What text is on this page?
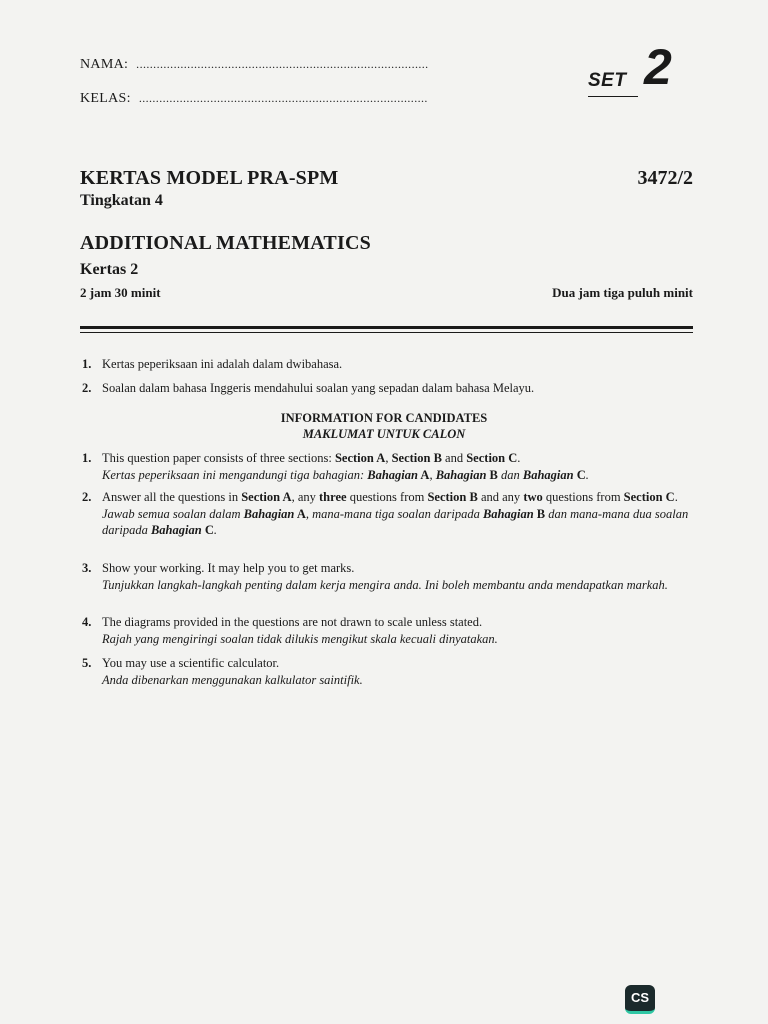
NAMA: ......................................................................................
KELAS: .....................................................................................
SET 2
KERTAS MODEL PRA-SPM	3472/2
Tingkatan 4
ADDITIONAL MATHEMATICS
Kertas 2
2 jam 30 minit	Dua jam tiga puluh minit
1. Kertas peperiksaan ini adalah dalam dwibahasa.
2. Soalan dalam bahasa Inggeris mendahului soalan yang sepadan dalam bahasa Melayu.
INFORMATION FOR CANDIDATES
MAKLUMAT UNTUK CALON
1. This question paper consists of three sections: Section A, Section B and Section C.
Kertas peperiksaan ini mengandungi tiga bahagian: Bahagian A, Bahagian B dan Bahagian C.
2. Answer all the questions in Section A, any three questions from Section B and any two questions from Section C.
Jawab semua soalan dalam Bahagian A, mana-mana tiga soalan daripada Bahagian B dan mana-mana dua soalan daripada Bahagian C.
3. Show your working. It may help you to get marks.
Tunjukkan langkah-langkah penting dalam kerja mengira anda. Ini boleh membantu anda mendapatkan markah.
4. The diagrams provided in the questions are not drawn to scale unless stated.
Rajah yang mengiringi soalan tidak dilukis mengikut skala kecuali dinyatakan.
5. You may use a scientific calculator.
Anda dibenarkan menggunakan kalkulator saintifik.
CS
